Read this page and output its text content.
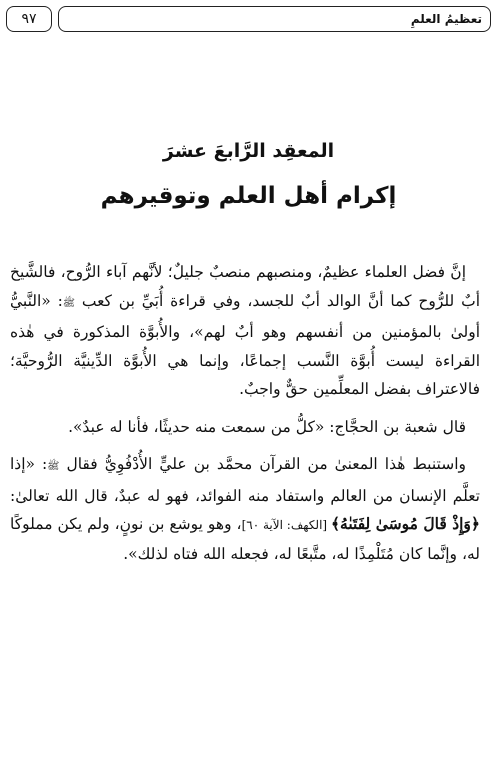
٩٧	تعظيمُ العلمِ
المعقِد الرَّابعَ عشرَ
إكرام أهل العلم وتوقيرهم

إنَّ فضل العلماء عظيمٌ، ومنصبهم منصبٌ جليلٌ؛ لأنَّهم آباء الرُّوح، فالشَّيخ أبٌ للرُّوح كما أنَّ الوالد أبٌ للجسد، وفي قراءة أُبَيِّ بن كعب ﷺ: «النَّبيُّ أولىٰ بالمؤمنين من أنفسهم وهو أبٌ لهم»، والأُبوَّة المذكورة في هٰذه القراءة ليست أُبوَّة النَّسب إجماعًا، وإنما هي الأُبوَّة الدِّينيَّة الرُّوحيَّة؛ فالاعتراف بفضل المعلِّمين حقٌّ واجبٌ.

قال شعبة بن الحجَّاج: «كلُّ من سمعت منه حديثًا، فأنا له عبدٌ».

واستنبط هٰذا المعنىٰ من القرآن محمَّد بن عليٍّ الأُدْفُوِيُّ فقال ﷺ: «إذا تعلَّم الإنسان من العالم واستفاد منه الفوائد، فهو له عبدٌ، قال الله تعالىٰ: ﴿وَإِذْ قَالَ مُوسَىٰ لِفَتَىٰهُ﴾ [الكهف: الآية ٦٠]، وهو يوشع بن نونٍ، ولم يكن مملوكًا له، وإنَّما كان مُتَلْمِذًا له، متَّبعًا له، فجعله الله فتاه لذلك».
